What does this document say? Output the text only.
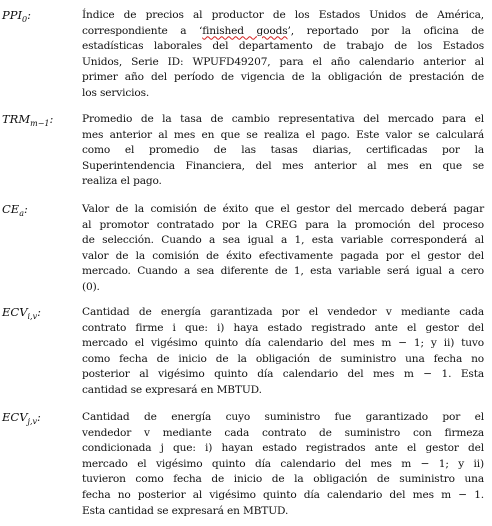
$PPI_0$:	Índice de precios al productor de los Estados Unidos de América,
correspondiente a ‘finished goods’, reportado por la oficina de
estadísticas laborales del departamento de trabajo de los Estados
Unidos, Serie ID: WPUFD49207, para el año calendario anterior al
primer año del período de vigencia de la obligación de prestación de
los servicios.
$TRM_{m-1}$:	Promedio de la tasa de cambio representativa del mercado para el
mes anterior al mes en que se realiza el pago. Este valor se calculará
como el promedio de las tasas diarias, certificadas por la
Superintendencia Financiera, del mes anterior al mes en que se
realiza el pago.
$CE_a$:	Valor de la comisión de éxito que el gestor del mercado deberá pagar
al promotor contratado por la CREG para la promoción del proceso
de selección. Cuando a sea igual a 1, esta variable corresponderá al
valor de la comisión de éxito efectivamente pagada por el gestor del
mercado. Cuando a sea diferente de 1, esta variable será igual a cero
(0).
$ECV_{i,v}$:	Cantidad de energía garantizada por el vendedor v mediante cada
contrato firme i que: i) haya estado registrado ante el gestor del
mercado el vigésimo quinto día calendario del mes m − 1; y ii) tuvo
como fecha de inicio de la obligación de suministro una fecha no
posterior al vigésimo quinto día calendario del mes m − 1. Esta
cantidad se expresará en MBTUD.
$ECV_{j,v}$:	Cantidad de energía cuyo suministro fue garantizado por el
vendedor v mediante cada contrato de suministro con firmeza
condicionada j que: i) hayan estado registrados ante el gestor del
mercado el vigésimo quinto día calendario del mes m − 1; y ii)
tuvieron como fecha de inicio de la obligación de suministro una
fecha no posterior al vigésimo quinto día calendario del mes m − 1.
Esta cantidad se expresará en MBTUD.
